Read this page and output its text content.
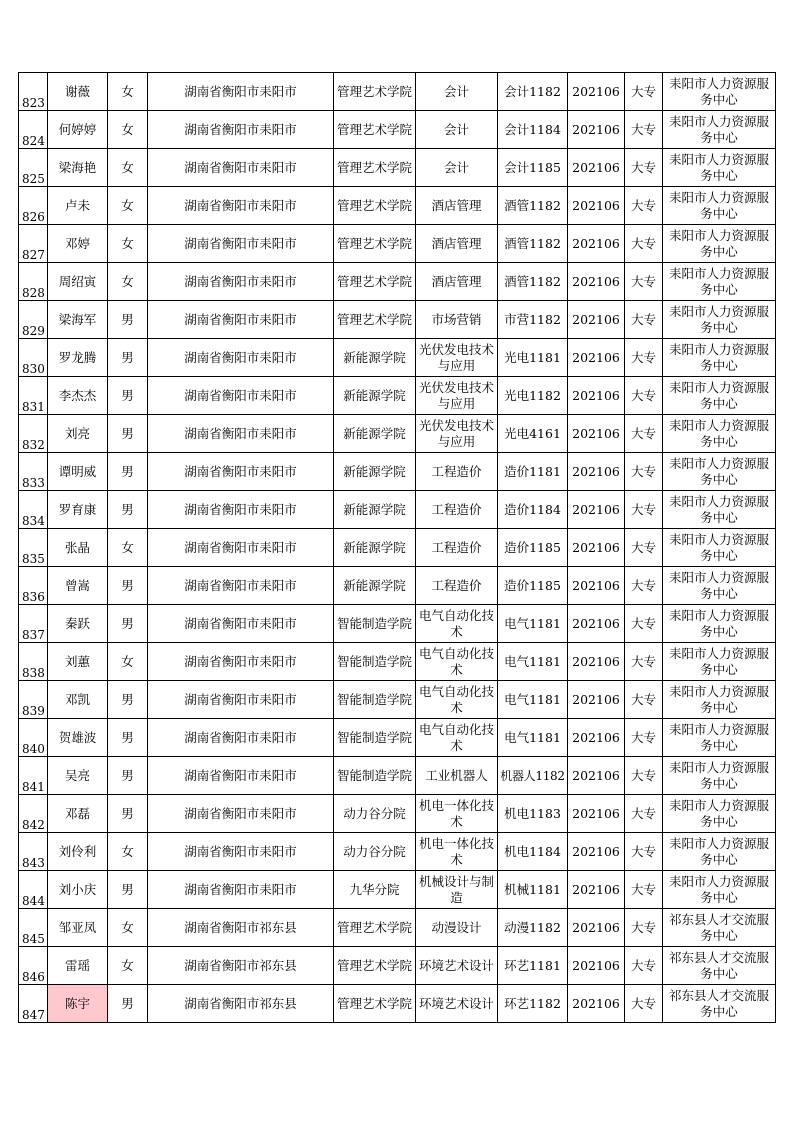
823	谢薇	女	湖南省衡阳市耒阳市	管理艺术学院	会计	会计1182	202106	大专	耒阳市人力资源服务中心
824	何婷婷	女	湖南省衡阳市耒阳市	管理艺术学院	会计	会计1184	202106	大专	耒阳市人力资源服务中心
825	梁海艳	女	湖南省衡阳市耒阳市	管理艺术学院	会计	会计1185	202106	大专	耒阳市人力资源服务中心
826	卢未	女	湖南省衡阳市耒阳市	管理艺术学院	酒店管理	酒管1182	202106	大专	耒阳市人力资源服务中心
827	邓婷	女	湖南省衡阳市耒阳市	管理艺术学院	酒店管理	酒管1182	202106	大专	耒阳市人力资源服务中心
828	周绍寅	女	湖南省衡阳市耒阳市	管理艺术学院	酒店管理	酒管1182	202106	大专	耒阳市人力资源服务中心
829	梁海军	男	湖南省衡阳市耒阳市	管理艺术学院	市场营销	市营1182	202106	大专	耒阳市人力资源服务中心
830	罗龙腾	男	湖南省衡阳市耒阳市	新能源学院	光伏发电技术与应用	光电1181	202106	大专	耒阳市人力资源服务中心
831	李杰杰	男	湖南省衡阳市耒阳市	新能源学院	光伏发电技术与应用	光电1182	202106	大专	耒阳市人力资源服务中心
832	刘亮	男	湖南省衡阳市耒阳市	新能源学院	光伏发电技术与应用	光电4161	202106	大专	耒阳市人力资源服务中心
833	谭明威	男	湖南省衡阳市耒阳市	新能源学院	工程造价	造价1181	202106	大专	耒阳市人力资源服务中心
834	罗育康	男	湖南省衡阳市耒阳市	新能源学院	工程造价	造价1184	202106	大专	耒阳市人力资源服务中心
835	张晶	女	湖南省衡阳市耒阳市	新能源学院	工程造价	造价1185	202106	大专	耒阳市人力资源服务中心
836	曾嵩	男	湖南省衡阳市耒阳市	新能源学院	工程造价	造价1185	202106	大专	耒阳市人力资源服务中心
837	秦跃	男	湖南省衡阳市耒阳市	智能制造学院	电气自动化技术	电气1181	202106	大专	耒阳市人力资源服务中心
838	刘蕙	女	湖南省衡阳市耒阳市	智能制造学院	电气自动化技术	电气1181	202106	大专	耒阳市人力资源服务中心
839	邓凯	男	湖南省衡阳市耒阳市	智能制造学院	电气自动化技术	电气1181	202106	大专	耒阳市人力资源服务中心
840	贺雄波	男	湖南省衡阳市耒阳市	智能制造学院	电气自动化技术	电气1181	202106	大专	耒阳市人力资源服务中心
841	吴亮	男	湖南省衡阳市耒阳市	智能制造学院	工业机器人	机器人1182	202106	大专	耒阳市人力资源服务中心
842	邓磊	男	湖南省衡阳市耒阳市	动力谷分院	机电一体化技术	机电1183	202106	大专	耒阳市人力资源服务中心
843	刘伶利	女	湖南省衡阳市耒阳市	动力谷分院	机电一体化技术	机电1184	202106	大专	耒阳市人力资源服务中心
844	刘小庆	男	湖南省衡阳市耒阳市	九华分院	机械设计与制造	机械1181	202106	大专	耒阳市人力资源服务中心
845	邹亚凤	女	湖南省衡阳市祁东县	管理艺术学院	动漫设计	动漫1182	202106	大专	祁东县人才交流服务中心
846	雷瑶	女	湖南省衡阳市祁东县	管理艺术学院	环境艺术设计	环艺1181	202106	大专	祁东县人才交流服务中心
847	陈宇	男	湖南省衡阳市祁东县	管理艺术学院	环境艺术设计	环艺1182	202106	大专	祁东县人才交流服务中心
